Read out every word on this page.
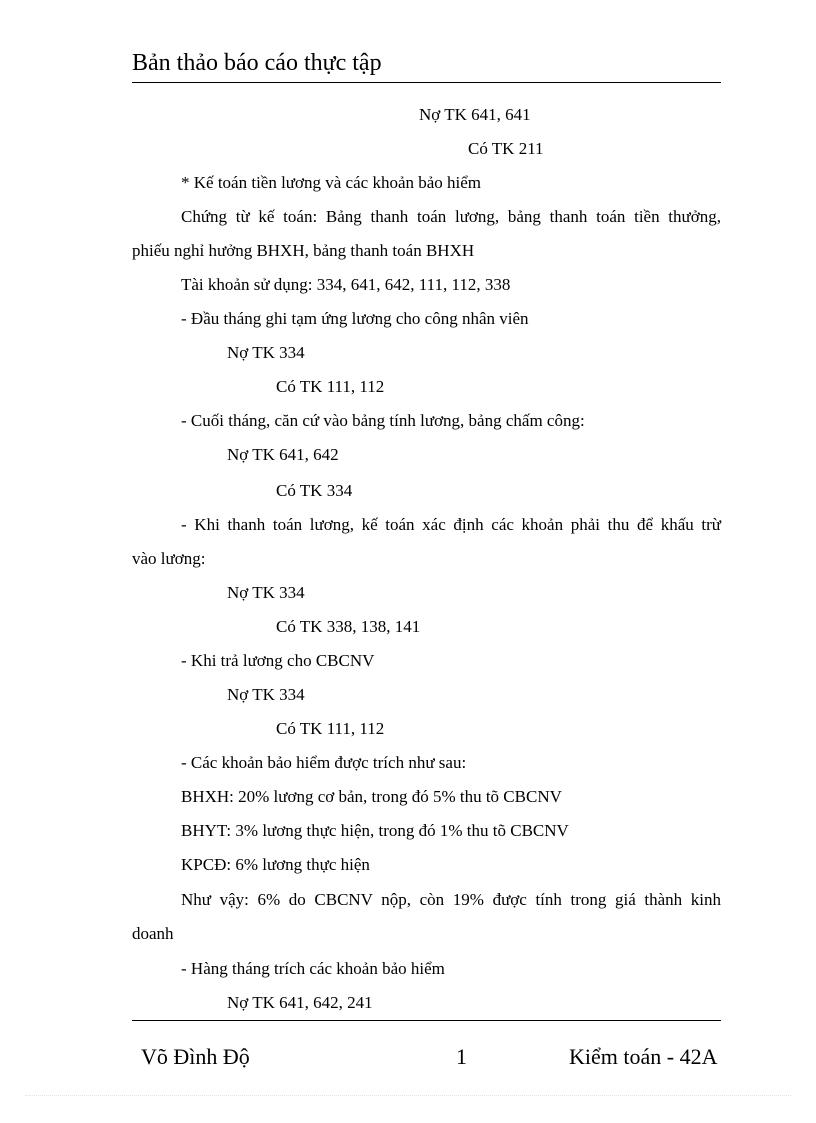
Bản thảo báo cáo thực tập
Nợ TK 641, 641
Có TK 211
* Kế toán tiền lương và các khoản bảo hiểm
Chứng từ kế toán: Bảng thanh toán lương, bảng thanh toán tiền thưởng,
phiếu nghỉ hưởng BHXH, bảng thanh toán BHXH
Tài khoản sử dụng: 334, 641, 642, 111, 112, 338
- Đầu tháng ghi tạm ứng lương cho công nhân viên
Nợ TK 334
Có TK 111, 112
- Cuối tháng, căn cứ vào bảng tính lương, bảng chấm công:
Nợ TK 641, 642
Có TK 334
- Khi thanh toán lương, kế toán xác định các khoản phải thu để khấu trừ
vào lương:
Nợ TK 334
Có TK 338, 138, 141
- Khi trả lương cho CBCNV
Nợ TK 334
Có TK 111, 112
- Các khoản bảo hiểm được trích như sau:
BHXH: 20% lương cơ bản, trong đó 5% thu tõ CBCNV
BHYT: 3% lương thực hiện, trong đó 1% thu tõ CBCNV
KPCĐ: 6% lương thực hiện
Như vậy: 6% do CBCNV nộp, còn 19% được tính trong giá thành kinh
doanh
- Hàng tháng trích các khoản bảo hiểm
Nợ TK 641, 642, 241
Võ Đình Độ	1	Kiểm toán - 42A
